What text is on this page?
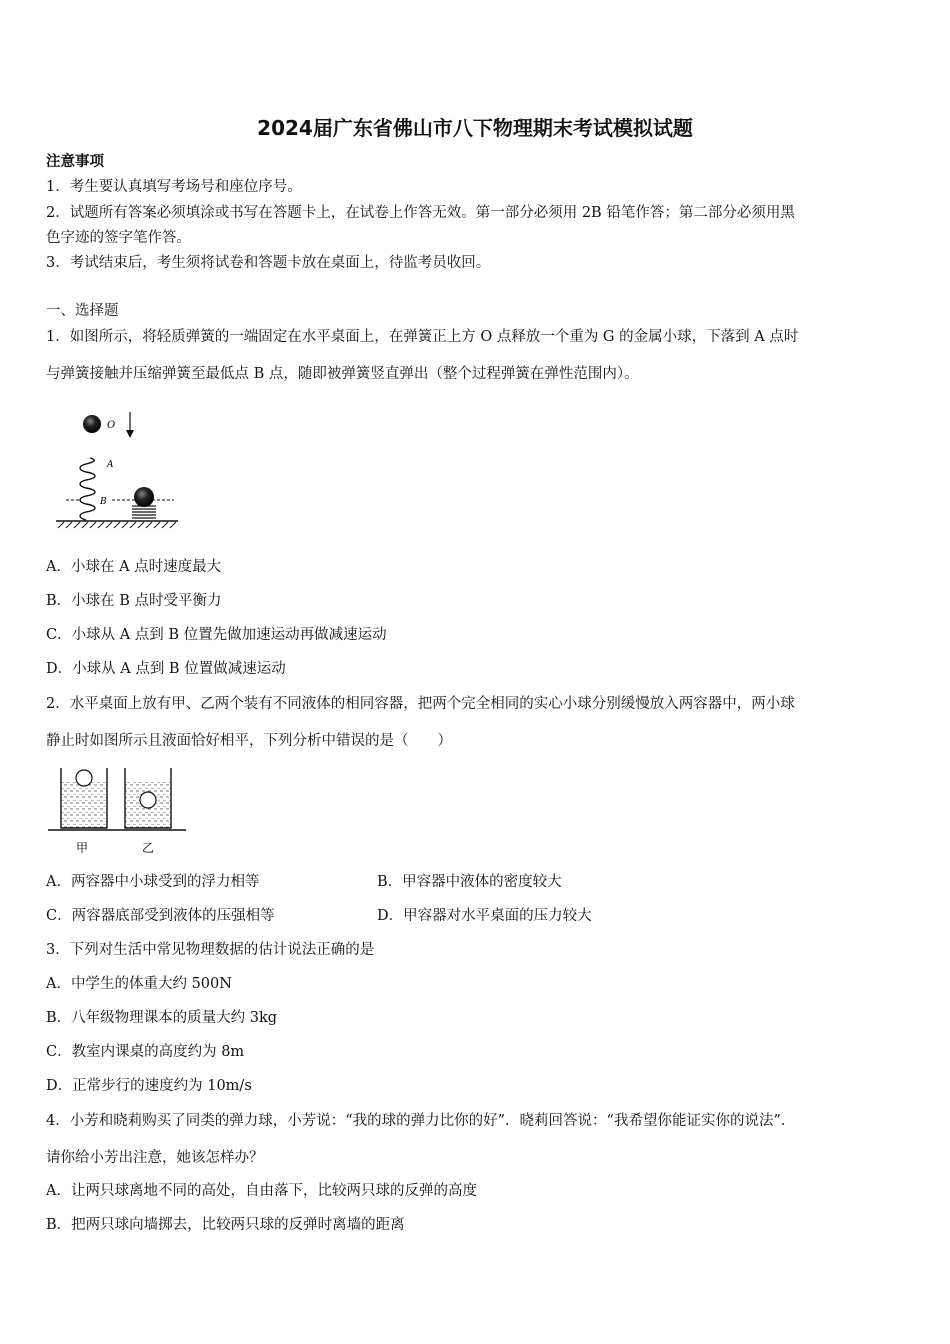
2024届广东省佛山市八下物理期末考试模拟试题
注意事项
1．考生要认真填写考场号和座位序号。
2．试题所有答案必须填涂或书写在答题卡上，在试卷上作答无效。第一部分必须用 2B 铅笔作答；第二部分必须用黑
色字迹的签字笔作答。
3．考试结束后，考生须将试卷和答题卡放在桌面上，待监考员收回。
一、选择题
1．如图所示，将轻质弹簧的一端固定在水平桌面上，在弹簧正上方 O 点释放一个重为 G 的金属小球，下落到 A 点时
与弹簧接触并压缩弹簧至最低点 B 点，随即被弹簧竖直弹出（整个过程弹簧在弹性范围内）。
O
A
B
A．小球在 A 点时速度最大
B．小球在 B 点时受平衡力
C．小球从 A 点到 B 位置先做加速运动再做减速运动
D．小球从 A 点到 B 位置做减速运动
2．水平桌面上放有甲、乙两个装有不同液体的相同容器，把两个完全相同的实心小球分别缓慢放入两容器中，两小球
静止时如图所示且液面恰好相平，下列分析中错误的是（　　）
甲	乙
A．两容器中小球受到的浮力相等	B．甲容器中液体的密度较大
C．两容器底部受到液体的压强相等	D．甲容器对水平桌面的压力较大
3．下列对生活中常见物理数据的估计说法正确的是
A．中学生的体重大约 500N
B．八年级物理课本的质量大约 3kg
C．教室内课桌的高度约为 8m
D．正常步行的速度约为 10m/s
4．小芳和晓莉购买了同类的弹力球，小芳说：“我的球的弹力比你的好”．晓莉回答说：“我希望你能证实你的说法”．
请你给小芳出注意，她该怎样办？
A．让两只球离地不同的高处，自由落下，比较两只球的反弹的高度
B．把两只球向墙掷去，比较两只球的反弹时离墙的距离
